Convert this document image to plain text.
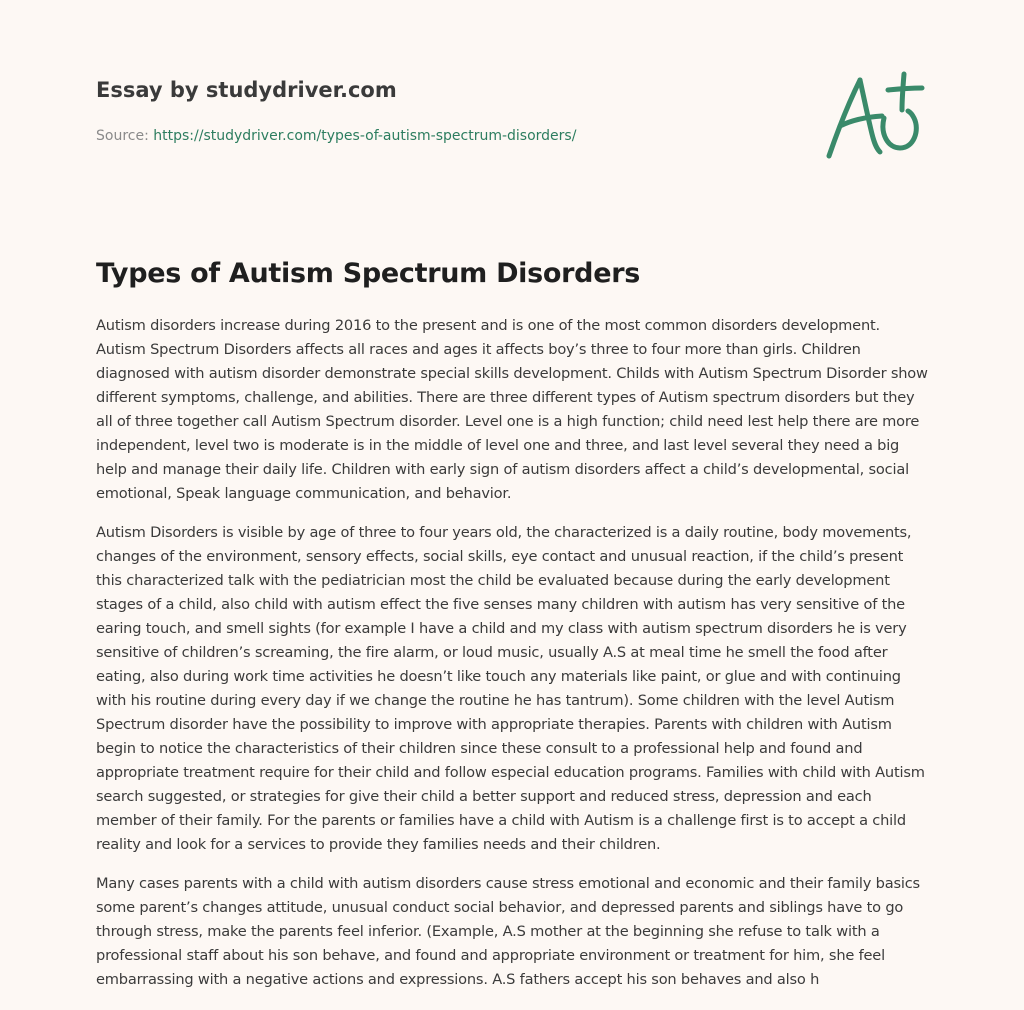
Essay by studydriver.com
Source: https://studydriver.com/types-of-autism-spectrum-disorders/
Types of Autism Spectrum Disorders

Autism disorders increase during 2016 to the present and is one of the most common disorders development. Autism Spectrum Disorders affects all races and ages it affects boy’s three to four more than girls. Children diagnosed with autism disorder demonstrate special skills development. Childs with Autism Spectrum Disorder show different symptoms, challenge, and abilities. There are three different types of Autism spectrum disorders but they all of three together call Autism Spectrum disorder. Level one is a high function; child need lest help there are more independent, level two is moderate is in the middle of level one and three, and last level several they need a big help and manage their daily life. Children with early sign of autism disorders affect a child’s developmental, social emotional, Speak language communication, and behavior.

Autism Disorders is visible by age of three to four years old, the characterized is a daily routine, body movements, changes of the environment, sensory effects, social skills, eye contact and unusual reaction, if the child’s present this characterized talk with the pediatrician most the child be evaluated because during the early development stages of a child, also child with autism effect the five senses many children with autism has very sensitive of the earing touch, and smell sights (for example I have a child and my class with autism spectrum disorders he is very sensitive of children’s screaming, the fire alarm, or loud music, usually A.S at meal time he smell the food after eating, also during work time activities he doesn’t like touch any materials like paint, or glue and with continuing with his routine during every day if we change the routine he has tantrum). Some children with the level Autism Spectrum disorder have the possibility to improve with appropriate therapies. Parents with children with Autism begin to notice the characteristics of their children since these consult to a professional help and found and appropriate treatment require for their child and follow especial education programs. Families with child with Autism search suggested, or strategies for give their child a better support and reduced stress, depression and each member of their family. For the parents or families have a child with Autism is a challenge first is to accept a child reality and look for a services to provide they families needs and their children.

Many cases parents with a child with autism disorders cause stress emotional and economic and their family basics some parent’s changes attitude, unusual conduct social behavior, and depressed parents and siblings have to go through stress, make the parents feel inferior. (Example, A.S mother at the beginning she refuse to talk with a professional staff about his son behave, and found and appropriate environment or treatment for him, she feel embarrassing with a negative actions and expressions. A.S fathers accept his son behaves and also h
